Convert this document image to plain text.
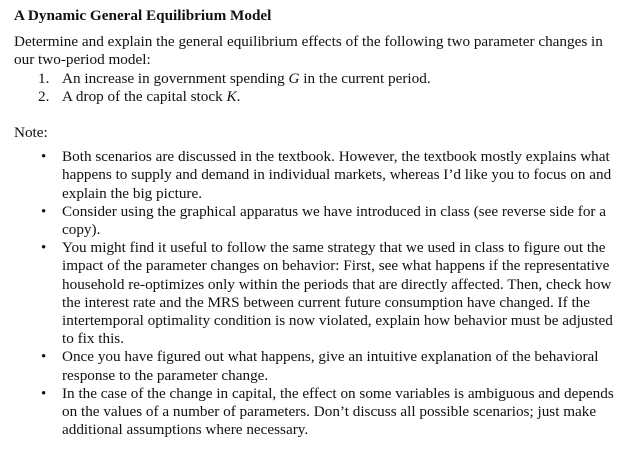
A Dynamic General Equilibrium Model

Determine and explain the general equilibrium effects of the following two parameter changes in our two-period model:

1. An increase in government spending G in the current period.
2. A drop of the capital stock K.
Note:
• Both scenarios are discussed in the textbook. However, the textbook mostly explains what happens to supply and demand in individual markets, whereas I’d like you to focus on and explain the big picture.
• Consider using the graphical apparatus we have introduced in class (see reverse side for a copy).
• You might find it useful to follow the same strategy that we used in class to figure out the impact of the parameter changes on behavior: First, see what happens if the representative household re-optimizes only within the periods that are directly affected. Then, check how the interest rate and the MRS between current future consumption have changed. If the intertemporal optimality condition is now violated, explain how behavior must be adjusted to fix this.
• Once you have figured out what happens, give an intuitive explanation of the behavioral response to the parameter change.
• In the case of the change in capital, the effect on some variables is ambiguous and depends on the values of a number of parameters. Don’t discuss all possible scenarios; just make additional assumptions where necessary.
